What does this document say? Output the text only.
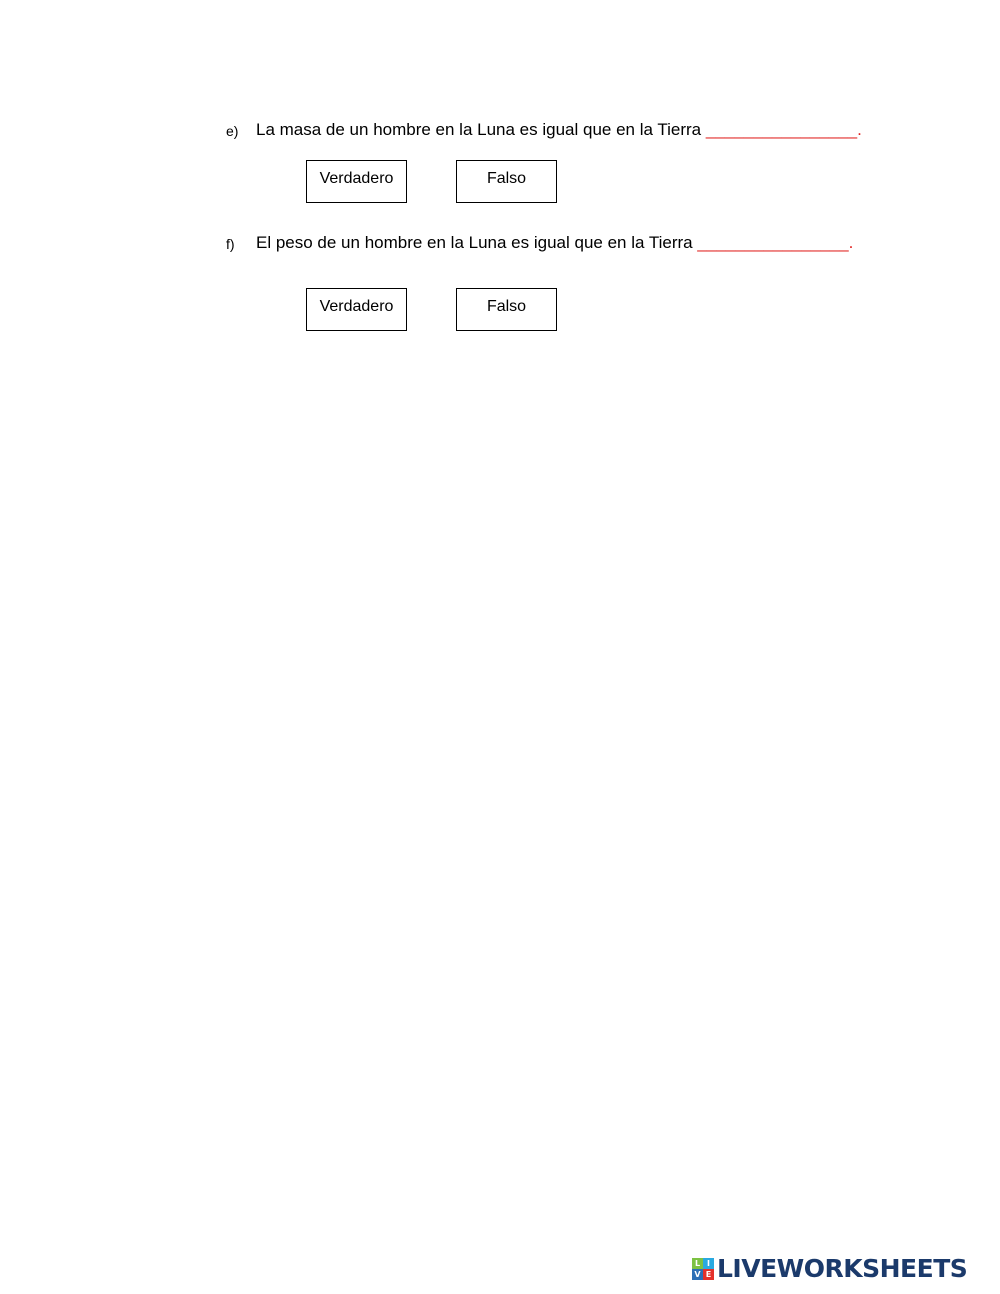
e) La masa de un hombre en la Luna es igual que en la Tierra ________________.
Verdadero	Falso
f) El peso de un hombre en la Luna es igual que en la Tierra ________________.
Verdadero	Falso
L I
V E LIVEWORKSHEETS
